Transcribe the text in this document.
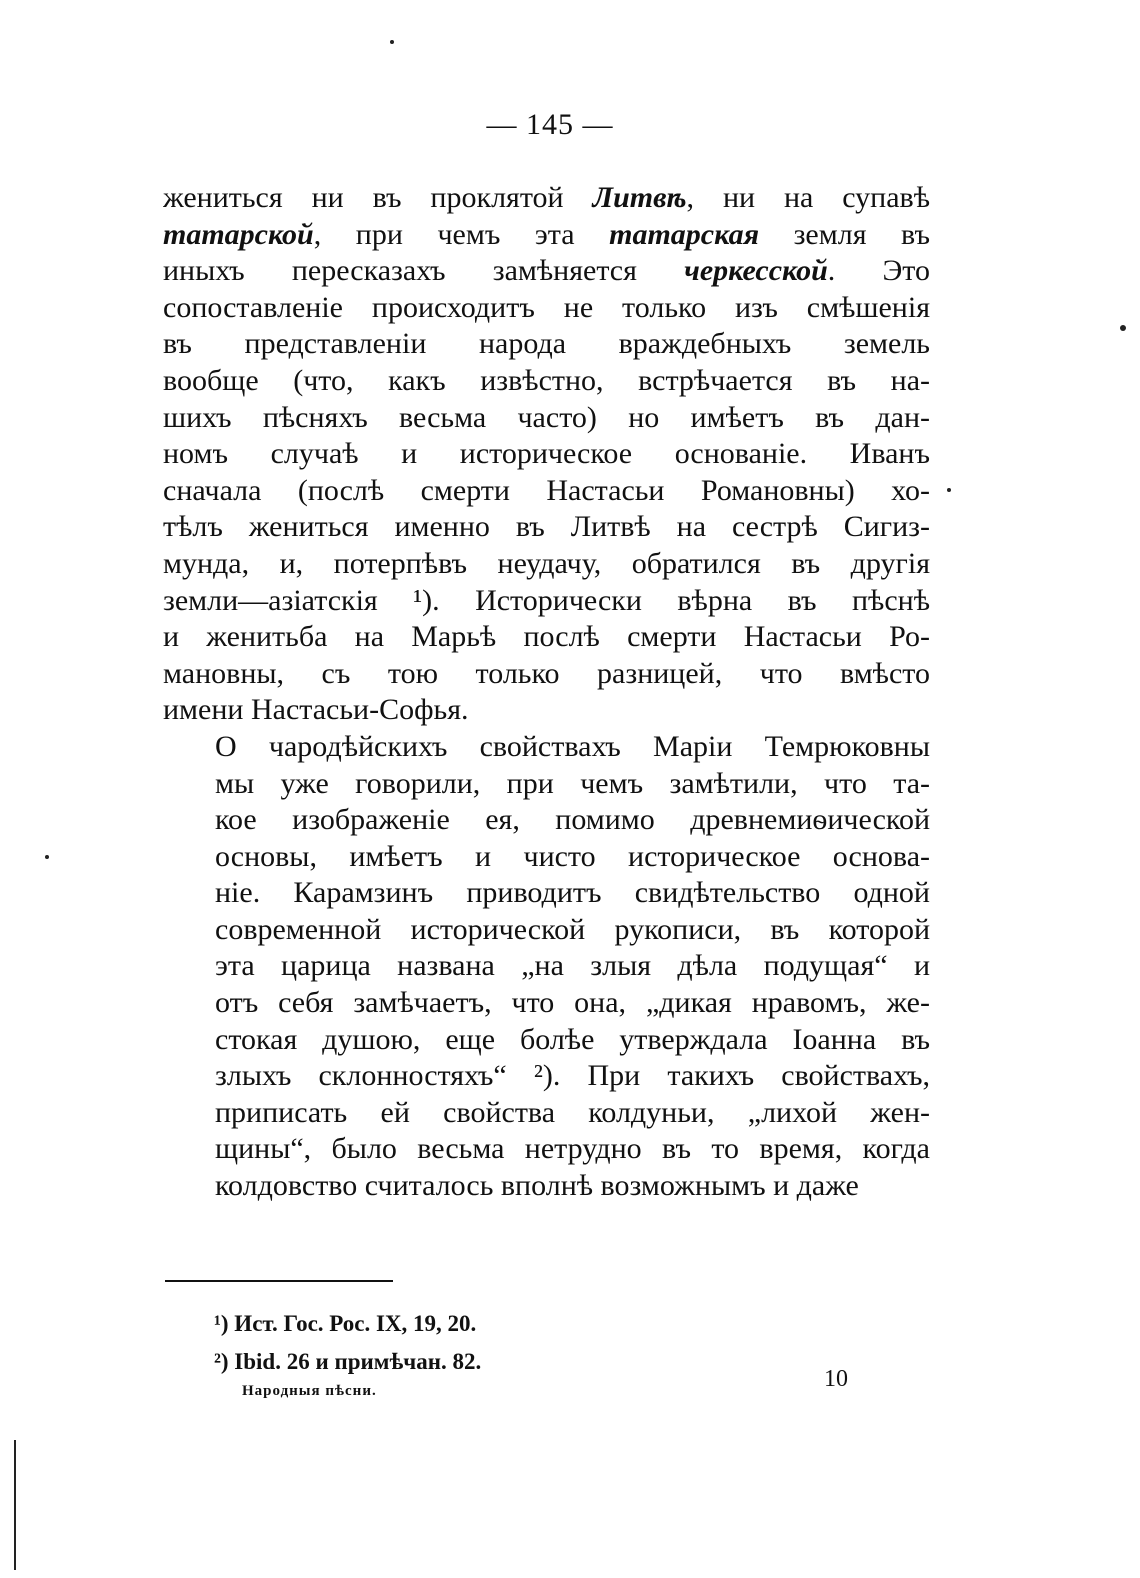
— 145 —

жениться ни въ проклятой Литвѣ, ни на супавѣ
татарской, при чемъ эта татарская земля въ
иныхъ пересказахъ замѣняется черкесской. Это
сопоставленіе происходитъ не только изъ смѣшенія
въ представленіи народа враждебныхъ земель
вообще (что, какъ извѣстно, встрѣчается въ на-
шихъ пѣсняхъ весьма часто) но имѣетъ въ дан-
номъ случаѣ и историческое основаніе. Иванъ
сначала (послѣ смерти Настасьи Романовны) хо-
тѣлъ жениться именно въ Литвѣ на сестрѣ Сигиз-
мунда, и, потерпѣвъ неудачу, обратился въ другія
земли—азіатскія ¹). Исторически вѣрна въ пѣснѣ
и женитьба на Марьѣ послѣ смерти Настасьи Ро-
мановны, съ тою только разницей, что вмѣсто
имени Настасьи-Софья.

О чародѣйскихъ свойствахъ Маріи Темрюковны
мы уже говорили, при чемъ замѣтили, что та-
кое изображеніе ея, помимо древнемиѳической
основы, имѣетъ и чисто историческое основа-
ніе. Карамзинъ приводитъ свидѣтельство одной
современной исторической рукописи, въ которой
эта царица названа „на злыя дѣла подущая“ и
отъ себя замѣчаетъ, что она, „дикая нравомъ, же-
стокая душою, еще болѣе утверждала Іоанна въ
злыхъ склонностяхъ“ ²). При такихъ свойствахъ,
приписать ей свойства колдуньи, „лихой жен-
щины“, было весьма нетрудно въ то время, когда
колдовство считалось вполнѣ возможнымъ и даже

¹) Ист. Гос. Рос. IX, 19, 20.
²) Ibid. 26 и примѣчан. 82.
Народныя пѣсни.	10
